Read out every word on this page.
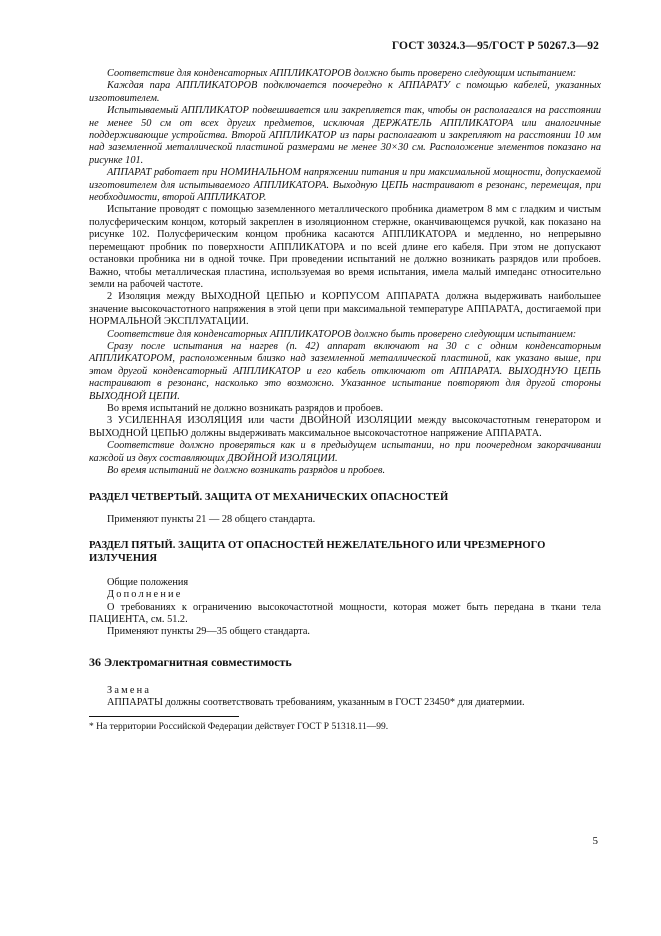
ГОСТ 30324.3—95/ГОСТ Р 50267.3—92

Соответствие для конденсаторных АППЛИКАТОРОВ должно быть проверено следующим испытанием:

Каждая пара АППЛИКАТОРОВ подключается поочередно к АППАРАТУ с помощью кабелей, указанных изготовителем.

Испытываемый АППЛИКАТОР подвешивается или закрепляется так, чтобы он располагался на расстоянии не менее 50 см от всех других предметов, исключая ДЕРЖАТЕЛЬ АППЛИКАТОРА или аналогичные поддерживающие устройства. Второй АППЛИКАТОР из пары располагают и закрепляют на расстоянии 10 мм над заземленной металлической пластиной размерами не менее 30×30 см. Расположение элементов показано на рисунке 101.

АППАРАТ работает при НОМИНАЛЬНОМ напряжении питания и при максимальной мощности, допускаемой изготовителем для испытываемого АППЛИКАТОРА. Выходную ЦЕПЬ настраивают в резонанс, перемещая, при необходимости, второй АППЛИКАТОР.

Испытание проводят с помощью заземленного металлического пробника диаметром 8 мм с гладким и чистым полусферическим концом, который закреплен в изоляционном стержне, оканчивающемся ручкой, как показано на рисунке 102. Полусферическим концом пробника касаются АППЛИКАТОРА и медленно, но непрерывно перемещают пробник по поверхности АППЛИКАТОРА и по всей длине его кабеля. При этом не допускают остановки пробника ни в одной точке. При проведении испытаний не должно возникать разрядов или пробоев. Важно, чтобы металлическая пластина, используемая во время испытания, имела малый импеданс относительно земли на рабочей частоте.

2 Изоляция между ВЫХОДНОЙ ЦЕПЬЮ и КОРПУСОМ АППАРАТА должна выдерживать наибольшее значение высокочастотного напряжения в этой цепи при максимальной температуре АППАРАТА, достигаемой при НОРМАЛЬНОЙ ЭКСПЛУАТАЦИИ.

Соответствие для конденсаторных АППЛИКАТОРОВ должно быть проверено следующим испытанием:

Сразу после испытания на нагрев (п. 42) аппарат включают на 30 с с одним конденсаторным АППЛИКАТОРОМ, расположенным близко над заземленной металлической пластиной, как указано выше, при этом другой конденсаторный АППЛИКАТОР и его кабель отключают от АППАРАТА. ВЫХОДНУЮ ЦЕПЬ настраивают в резонанс, насколько это возможно. Указанное испытание повторяют для другой стороны ВЫХОДНОЙ ЦЕПИ.

Во время испытаний не должно возникать разрядов и пробоев.

3 УСИЛЕННАЯ ИЗОЛЯЦИЯ или части ДВОЙНОЙ ИЗОЛЯЦИИ между высокочастотным генератором и ВЫХОДНОЙ ЦЕПЬЮ должны выдерживать максимальное высокочастотное напряжение АППАРАТА.

Соответствие должно проверяться как и в предыдущем испытании, но при поочередном закорачивании каждой из двух составляющих ДВОЙНОЙ ИЗОЛЯЦИИ.

Во время испытаний не должно возникать разрядов и пробоев.

РАЗДЕЛ ЧЕТВЕРТЫЙ. ЗАЩИТА ОТ МЕХАНИЧЕСКИХ ОПАСНОСТЕЙ

Применяют пункты 21 — 28 общего стандарта.

РАЗДЕЛ ПЯТЫЙ. ЗАЩИТА ОТ ОПАСНОСТЕЙ НЕЖЕЛАТЕЛЬНОГО ИЛИ ЧРЕЗМЕРНОГО ИЗЛУЧЕНИЯ

Общие положения

Дополнение

О требованиях к ограничению высокочастотной мощности, которая может быть передана в ткани тела ПАЦИЕНТА, см. 51.2.

Применяют пункты 29—35 общего стандарта.

36 Электромагнитная совместимость

Замена

АППАРАТЫ должны соответствовать требованиям, указанным в ГОСТ 23450* для диатермии.

* На территории Российской Федерации действует ГОСТ Р 51318.11—99.

5
